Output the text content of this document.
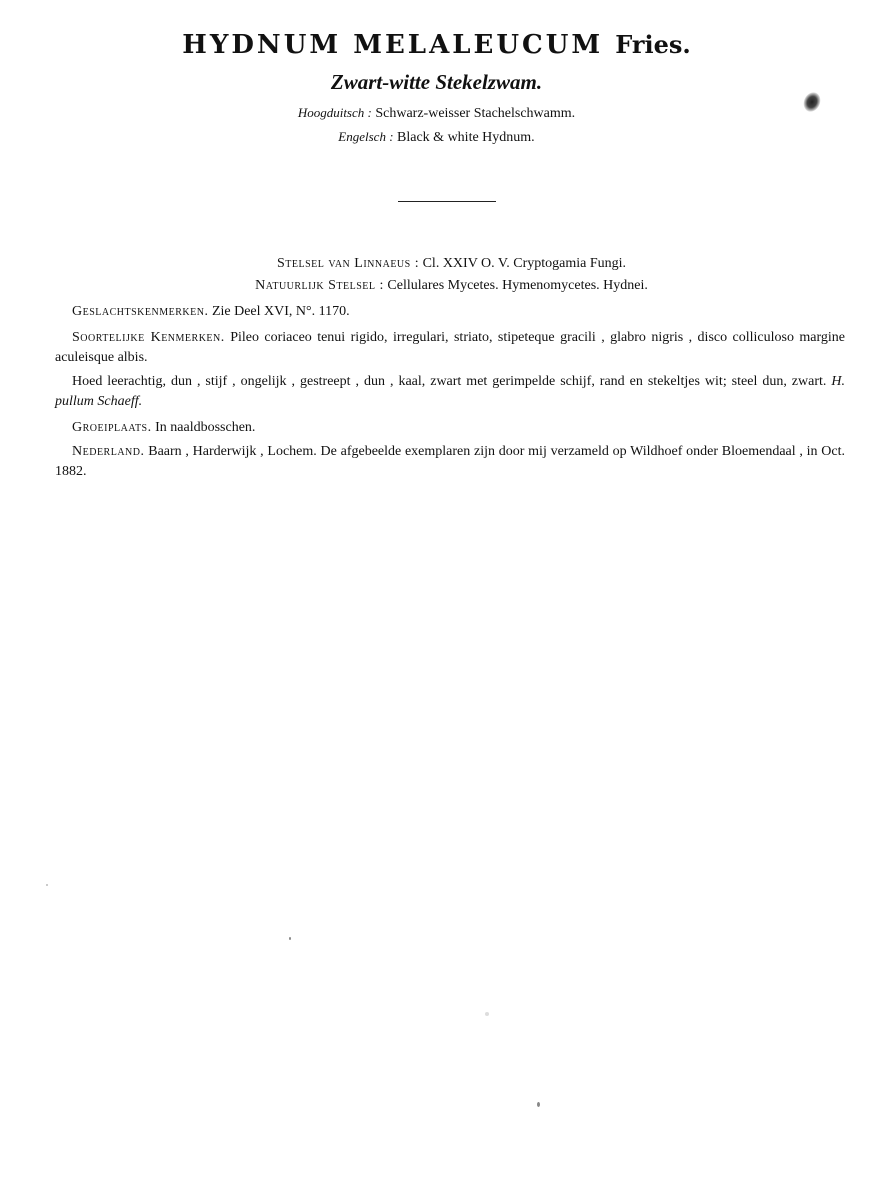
HYDNUM MELALEUCUM Fries.
Zwart-witte Stekelzwam.
Hoogduitsch : Schwarz-weisser Stachelschwamm.
Engelsch : Black & white Hydnum.
Stelsel van Linnaeus : Cl. XXIV O. V. Cryptogamia Fungi.
Natuurlijk Stelsel : Cellulares Mycetes. Hymenomycetes. Hydnei.
Geslachtskenmerken. Zie Deel XVI, N°. 1170.
Soortelijke Kenmerken. Pileo coriaceo tenui rigido, irregulari, striato, stipeteque gracili , glabro nigris , disco colliculoso margine aculeisque albis.
Hoed leerachtig, dun , stijf , ongelijk , gestreept , dun , kaal, zwart met gerimpelde schijf, rand en stekeltjes wit; steel dun, zwart. H. pullum Schaeff.
Groeiplaats. In naaldbosschen.
Nederland. Baarn , Harderwijk , Lochem. De afgebeelde exemplaren zijn door mij verzameld op Wildhoef onder Bloemendaal , in Oct. 1882.
